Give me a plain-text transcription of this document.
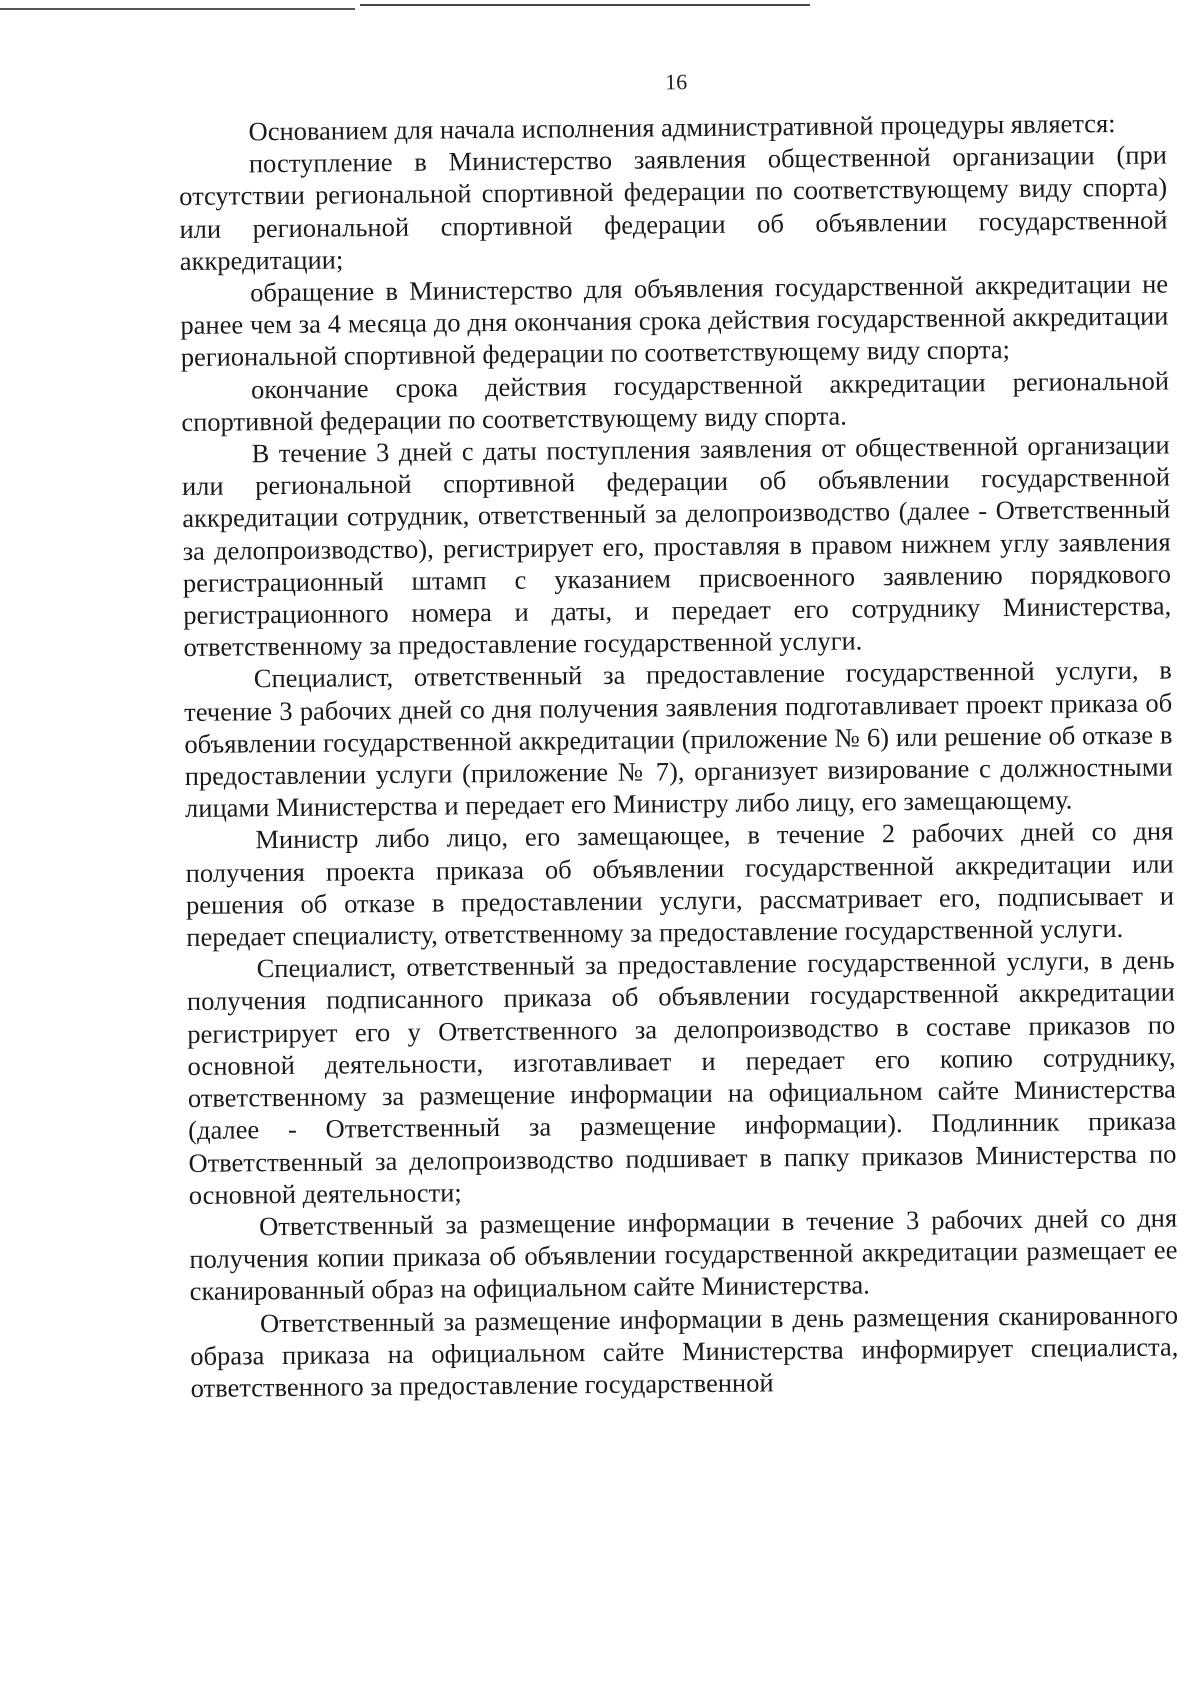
16

Основанием для начала исполнения административной процедуры является:

поступление в Министерство заявления общественной организации (при отсутствии региональной спортивной федерации по соответствующему виду спорта) или региональной спортивной федерации об объявлении государственной аккредитации;

обращение в Министерство для объявления государственной аккредитации не ранее чем за 4 месяца до дня окончания срока действия государственной аккредитации региональной спортивной федерации по соответствующему виду спорта;

окончание срока действия государственной аккредитации региональной спортивной федерации по соответствующему виду спорта.

В течение 3 дней с даты поступления заявления от общественной организации или региональной спортивной федерации об объявлении государственной аккредитации сотрудник, ответственный за делопроизводство (далее - Ответственный за делопроизводство), регистрирует его, проставляя в правом нижнем углу заявления регистрационный штамп с указанием присвоенного заявлению порядкового регистрационного номера и даты, и передает его сотруднику Министерства, ответственному за предоставление государственной услуги.

Специалист, ответственный за предоставление государственной услуги, в течение 3 рабочих дней со дня получения заявления подготавливает проект приказа об объявлении государственной аккредитации (приложение № 6) или решение об отказе в предоставлении услуги (приложение № 7), организует визирование с должностными лицами Министерства и передает его Министру либо лицу, его замещающему.

Министр либо лицо, его замещающее, в течение 2 рабочих дней со дня получения проекта приказа об объявлении государственной аккредитации или решения об отказе в предоставлении услуги, рассматривает его, подписывает и передает специалисту, ответственному за предоставление государственной услуги.

Специалист, ответственный за предоставление государственной услуги, в день получения подписанного приказа об объявлении государственной аккредитации регистрирует его у Ответственного за делопроизводство в составе приказов по основной деятельности, изготавливает и передает его копию сотруднику, ответственному за размещение информации на официальном сайте Министерства (далее - Ответственный за размещение информации). Подлинник приказа Ответственный за делопроизводство подшивает в папку приказов Министерства по основной деятельности;

Ответственный за размещение информации в течение 3 рабочих дней со дня получения копии приказа об объявлении государственной аккредитации размещает ее сканированный образ на официальном сайте Министерства.

Ответственный за размещение информации в день размещения сканированного образа приказа на официальном сайте Министерства информирует специалиста, ответственного за предоставление государственной
